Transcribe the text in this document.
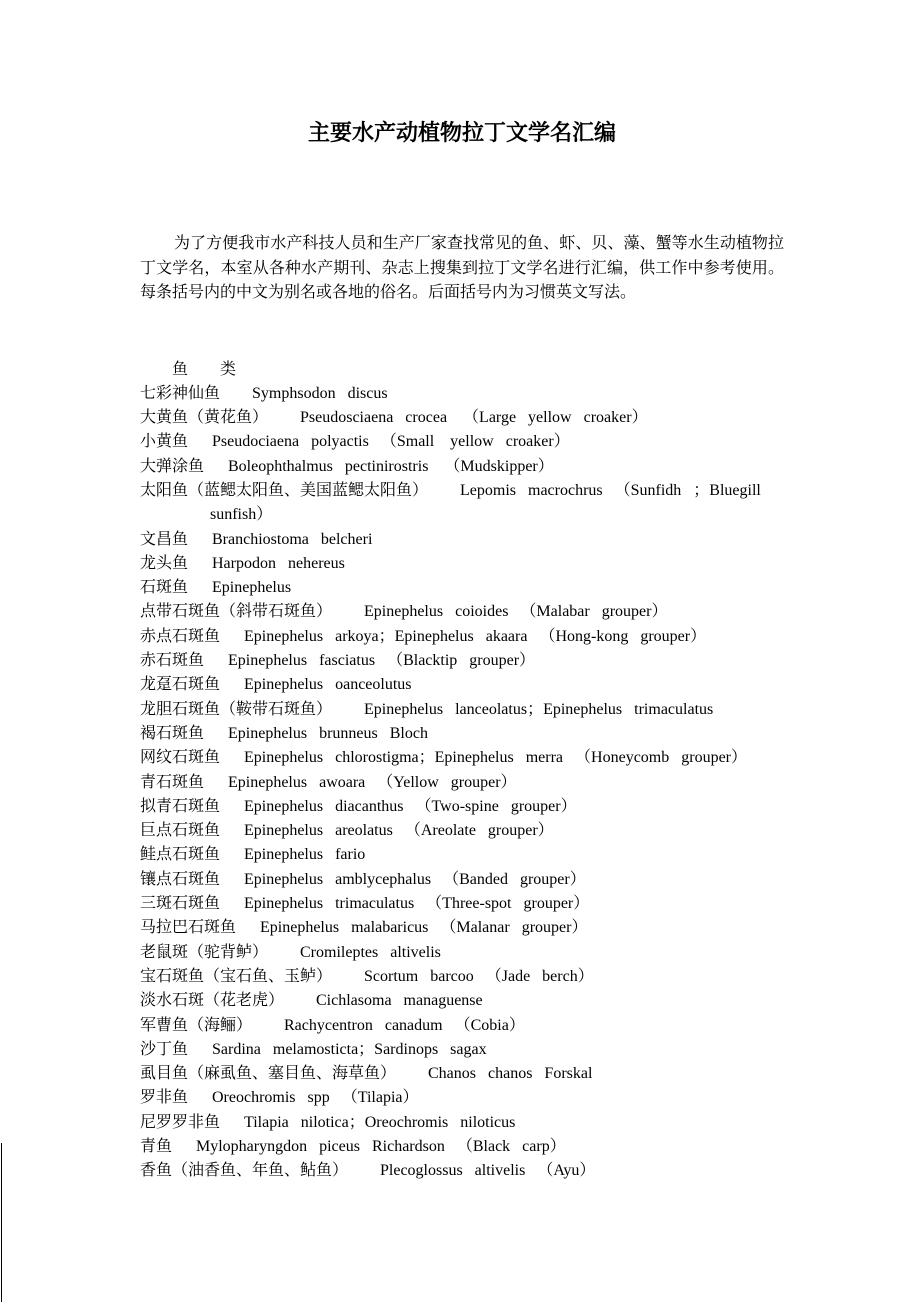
主要水产动植物拉丁文学名汇编

为了方便我市水产科技人员和生产厂家查找常见的鱼、虾、贝、藻、蟹等水生动植物拉丁文学名，本室从各种水产期刊、杂志上搜集到拉丁文学名进行汇编，供工作中参考使用。每条括号内的中文为别名或各地的俗名。后面括号内为习惯英文写法。

鱼        类
七彩神仙鱼        Symphsodon   discus
大黄鱼（黄花鱼）        Pseudosciaena   crocea    （Large   yellow   croaker）
小黄鱼      Pseudociaena   polyactis   （Small    yellow   croaker）
大弹涂鱼      Boleophthalmus   pectinirostris    （Mudskipper）
太阳鱼（蓝鳃太阳鱼、美国蓝鳃太阳鱼）        Lepomis   macrochrus   （Sunfidh   ；Bluegill
sunfish）
文昌鱼      Branchiostoma   belcheri
龙头鱼      Harpodon   nehereus
石斑鱼      Epinephelus
点带石斑鱼（斜带石斑鱼）        Epinephelus   coioides   （Malabar   grouper）
赤点石斑鱼      Epinephelus   arkoya；Epinephelus   akaara   （Hong-kong   grouper）
赤石斑鱼      Epinephelus   fasciatus   （Blacktip   grouper）
龙趸石斑鱼      Epinephelus   oanceolutus
龙胆石斑鱼（鞍带石斑鱼）        Epinephelus   lanceolatus；Epinephelus   trimaculatus
褐石斑鱼      Epinephelus   brunneus   Bloch
网纹石斑鱼      Epinephelus   chlorostigma；Epinephelus   merra   （Honeycomb   grouper）
青石斑鱼      Epinephelus   awoara   （Yellow   grouper）
拟青石斑鱼      Epinephelus   diacanthus   （Two-spine   grouper）
巨点石斑鱼      Epinephelus   areolatus   （Areolate   grouper）
鲑点石斑鱼      Epinephelus   fario
镶点石斑鱼      Epinephelus   amblycephalus   （Banded   grouper）
三斑石斑鱼      Epinephelus   trimaculatus   （Three-spot   grouper）
马拉巴石斑鱼      Epinephelus   malabaricus   （Malanar   grouper）
老鼠斑（驼背鲈）        Cromileptes   altivelis
宝石斑鱼（宝石鱼、玉鲈）        Scortum   barcoo   （Jade   berch）
淡水石斑（花老虎）        Cichlasoma   managuense
军曹鱼（海鲡）        Rachycentron   canadum   （Cobia）
沙丁鱼      Sardina   melamosticta；Sardinops   sagax
虱目鱼（麻虱鱼、塞目鱼、海草鱼）        Chanos   chanos   Forskal
罗非鱼      Oreochromis   spp   （Tilapia）
尼罗罗非鱼      Tilapia   nilotica；Oreochromis   niloticus
青鱼      Mylopharyngdon   piceus   Richardson   （Black   carp）
香鱼（油香鱼、年鱼、鲇鱼）        Plecoglossus   altivelis   （Ayu）
